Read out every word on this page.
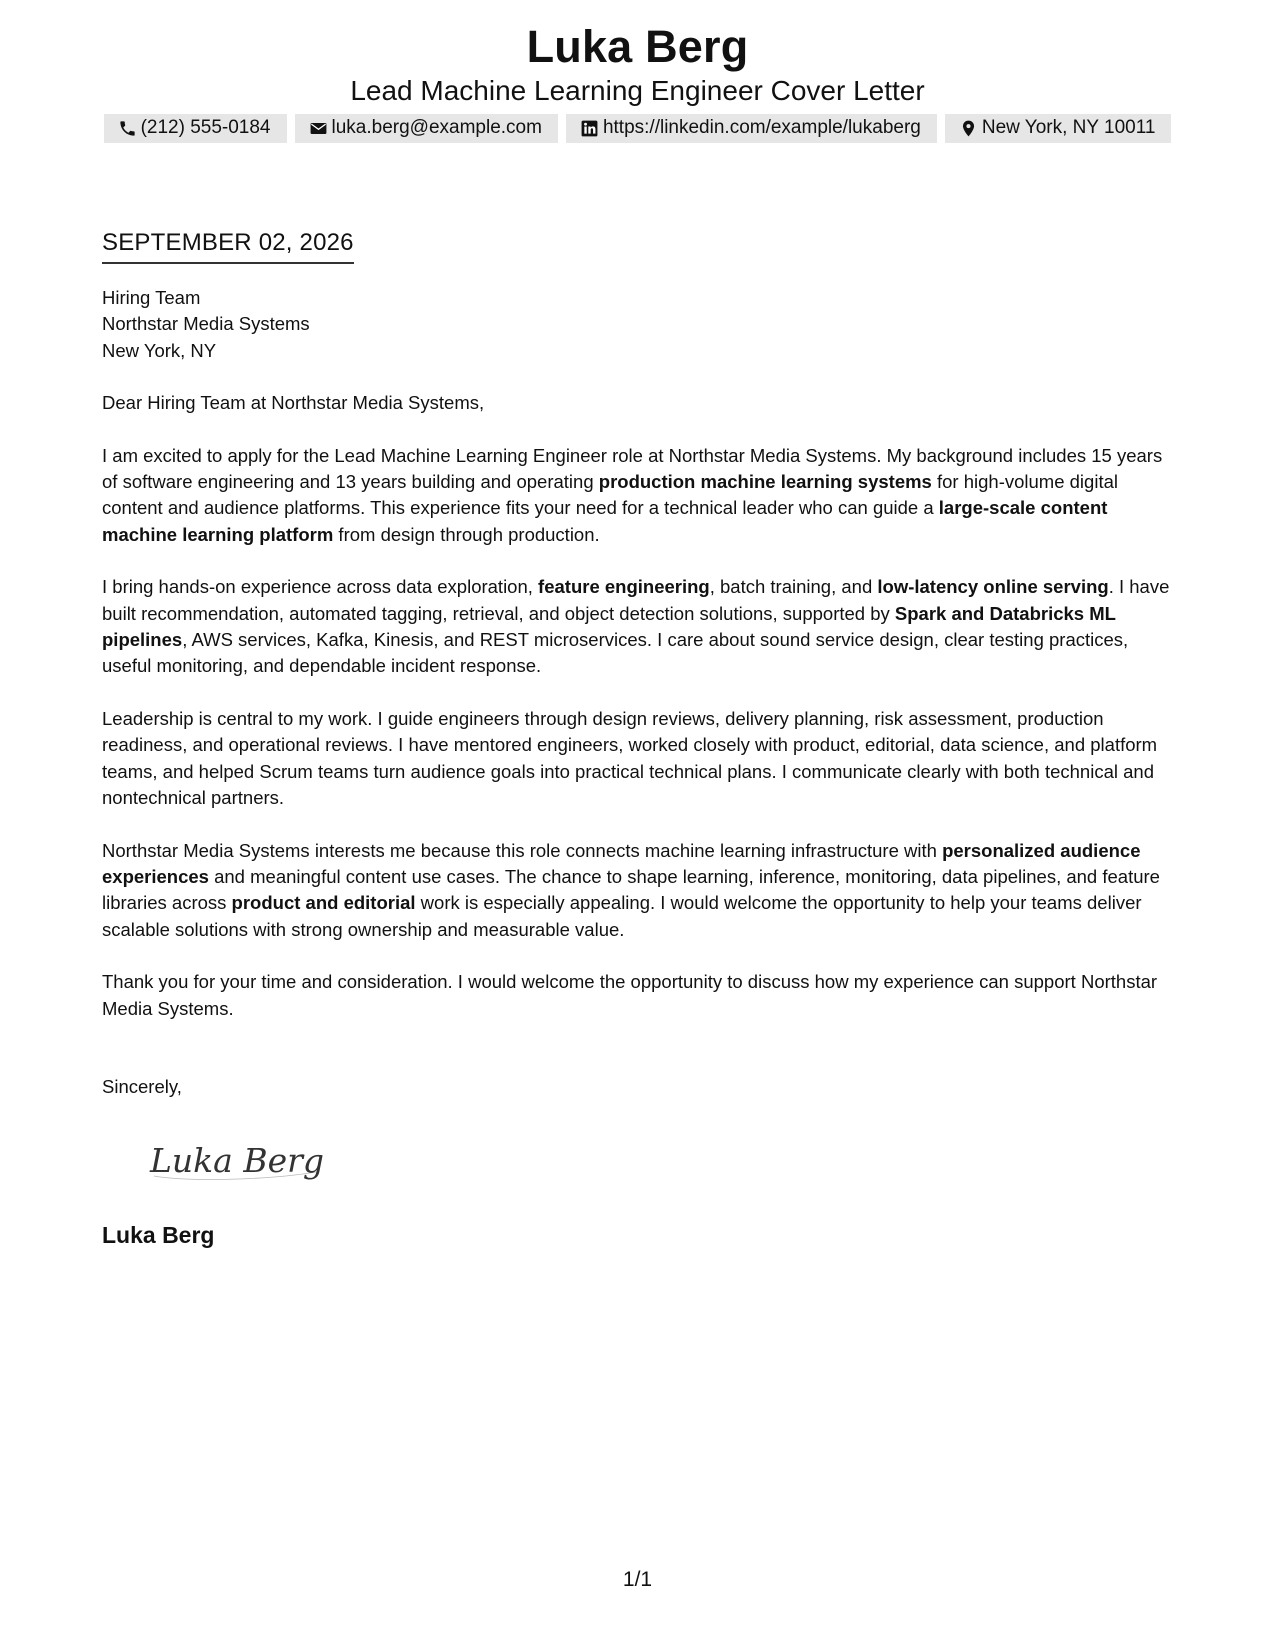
Luka Berg
Lead Machine Learning Engineer Cover Letter
(212) 555-0184	luka.berg@example.com	https://linkedin.com/example/lukaberg	New York, NY 10011
SEPTEMBER 02, 2026

Hiring Team
Northstar Media Systems
New York, NY

Dear Hiring Team at Northstar Media Systems,

I am excited to apply for the Lead Machine Learning Engineer role at Northstar Media Systems. My background includes 15 years of software engineering and 13 years building and operating production machine learning systems for high-volume digital content and audience platforms. This experience fits your need for a technical leader who can guide a large-scale content machine learning platform from design through production.

I bring hands-on experience across data exploration, feature engineering, batch training, and low-latency online serving. I have built recommendation, automated tagging, retrieval, and object detection solutions, supported by Spark and Databricks ML pipelines, AWS services, Kafka, Kinesis, and REST microservices. I care about sound service design, clear testing practices, useful monitoring, and dependable incident response.

Leadership is central to my work. I guide engineers through design reviews, delivery planning, risk assessment, production readiness, and operational reviews. I have mentored engineers, worked closely with product, editorial, data science, and platform teams, and helped Scrum teams turn audience goals into practical technical plans. I communicate clearly with both technical and nontechnical partners.

Northstar Media Systems interests me because this role connects machine learning infrastructure with personalized audience experiences and meaningful content use cases. The chance to shape learning, inference, monitoring, data pipelines, and feature libraries across product and editorial work is especially appealing. I would welcome the opportunity to help your teams deliver scalable solutions with strong ownership and measurable value.

Thank you for your time and consideration. I would welcome the opportunity to discuss how my experience can support Northstar Media Systems.

Sincerely,

Luka Berg
Luka Berg
1/1
